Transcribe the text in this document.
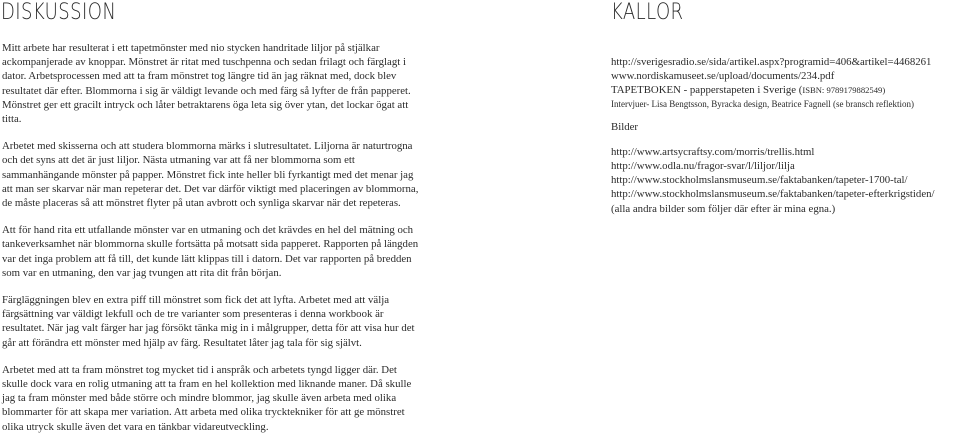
DISKUSSION	KÄLLOR

Mitt arbete har resulterat i ett tapetmönster med nio stycken handritade liljor på stjälkar ackompanjerade av knoppar. Mönstret är ritat med tuschpenna och sedan frilagt och färglagt i dator. Arbetsprocessen med att ta fram mönstret tog längre tid än jag räknat med, dock blev resultatet där efter. Blommorna i sig är väldigt levande och med färg så lyfter de från papperet. Mönstret ger ett gracilt intryck och låter betraktarens öga leta sig över ytan, det lockar ögat att titta.

Arbetet med skisserna och att studera blommorna märks i slutresultatet. Liljorna är naturtrogna och det syns att det är just liljor. Nästa utmaning var att få ner blommorna som ett sammanhängande mönster på papper. Mönstret fick inte heller bli fyrkantigt med det menar jag att man ser skarvar när man repeterar det. Det var därför viktigt med placeringen av blommorna, de måste placeras så att mönstret flyter på utan avbrott och synliga skarvar när det repeteras.

Att för hand rita ett utfallande mönster var en utmaning och det krävdes en hel del mätning och tankeverksamhet när blommorna skulle fortsätta på motsatt sida papperet. Rapporten på längden var det inga problem att få till, det kunde lätt klippas till i datorn. Det var rapporten på bredden som var en utmaning, den var jag tvungen att rita dit från början.

Färgläggningen blev en extra piff till mönstret som fick det att lyfta. Arbetet med att välja färgsättning var väldigt lekfull och de tre varianter som presenteras i denna workbook är resultatet. När jag valt färger har jag försökt tänka mig in i målgrupper, detta för att visa hur det går att förändra ett mönster med hjälp av färg. Resultatet låter jag tala för sig självt.

Arbetet med att ta fram mönstret tog mycket tid i anspråk och arbetets tyngd ligger där. Det skulle dock vara en rolig utmaning att ta fram en hel kollektion med liknande maner. Då skulle jag ta fram mönster med både större och mindre blommor, jag skulle även arbeta med olika blommarter för att skapa mer variation. Att arbeta med olika trycktekniker för att ge mönstret olika utryck skulle även det vara en tänkbar vidareutveckling.

http://sverigesradio.se/sida/artikel.aspx?programid=406&artikel=4468261

www.nordiskamuseet.se/upload/documents/234.pdf

TAPETBOKEN - papperstapeten i Sverige (ISBN: 9789179882549)

Intervjuer- Lisa Bengtsson, Byracka design, Beatrice Fagnell (se bransch reflektion)

Bilder

http://www.artsycraftsy.com/morris/trellis.html

http://www.odla.nu/fragor-svar/l/liljor/lilja

http://www.stockholmslansmuseum.se/faktabanken/tapeter-1700-tal/

http://www.stockholmslansmuseum.se/faktabanken/tapeter-efterkrigstiden/

(alla andra bilder som följer där efter är mina egna.)
